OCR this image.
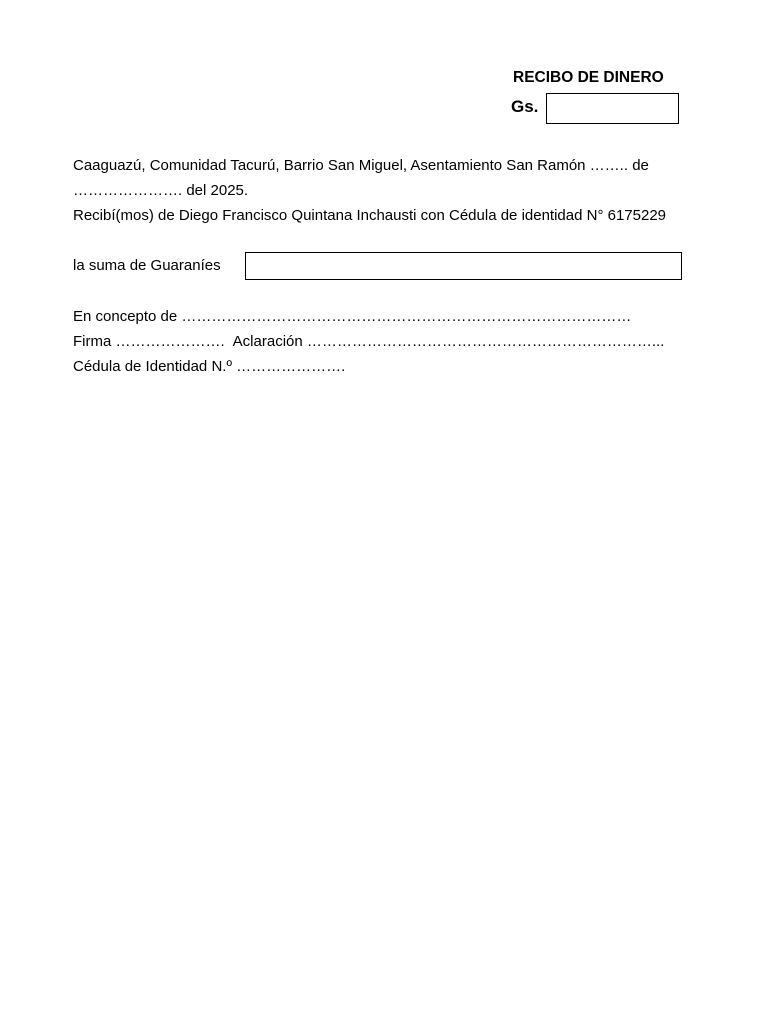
RECIBO DE DINERO
Gs.
Caaguazú, Comunidad Tacurú, Barrio San Miguel, Asentamiento San Ramón …….. de
…………………. del 2025.
Recibí(mos) de Diego Francisco Quintana Inchausti con Cédula de identidad N° 6175229
la suma de Guaraníes
En concepto de ………………………………………………………………………………
Firma …………………. Aclaración ……………………………………………………………...
Cédula de Identidad N.º ………………….
